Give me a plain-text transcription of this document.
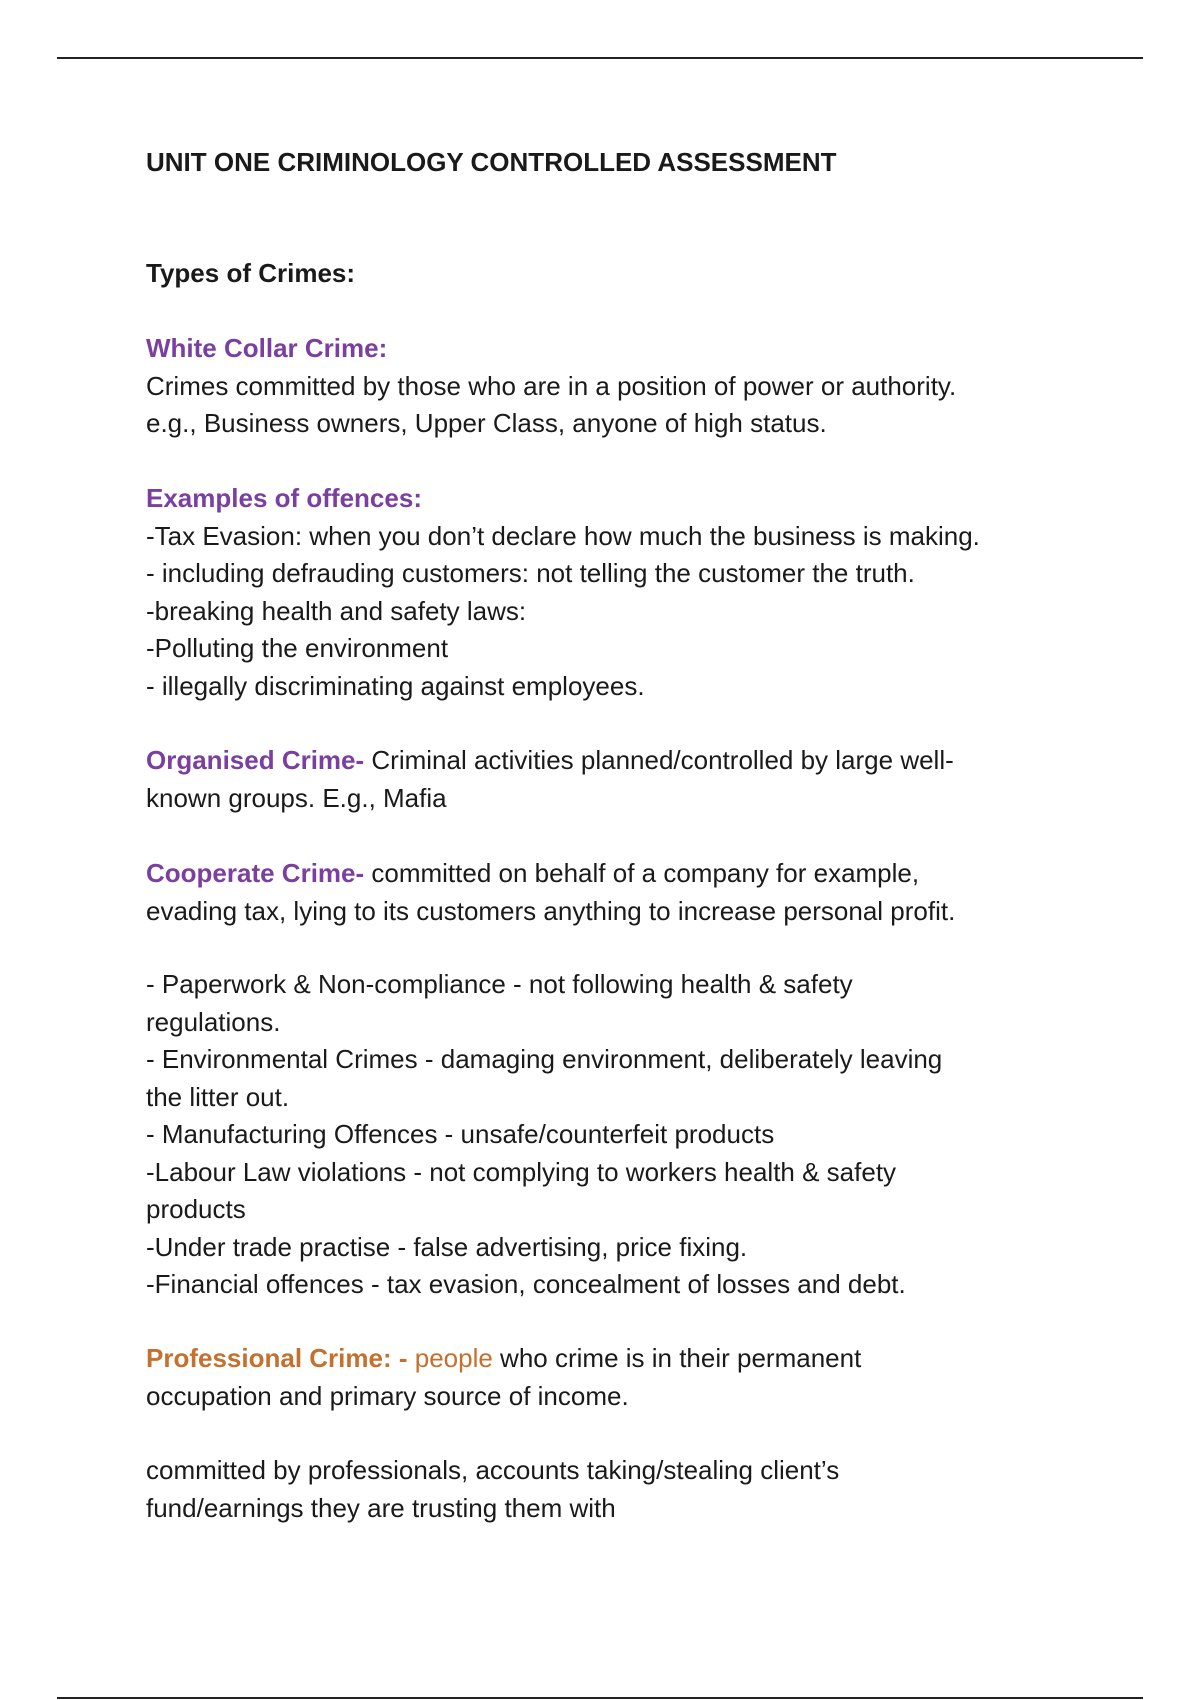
UNIT ONE CRIMINOLOGY CONTROLLED ASSESSMENT
Types of Crimes:
White Collar Crime:
Crimes committed by those who are in a position of power or authority.
e.g., Business owners, Upper Class, anyone of high status.
Examples of offences:
-Tax Evasion: when you don’t declare how much the business is making.
- including defrauding customers: not telling the customer the truth.
-breaking health and safety laws:
-Polluting the environment
- illegally discriminating against employees.
Organised Crime- Criminal activities planned/controlled by large well-
known groups. E.g., Mafia
Cooperate Crime- committed on behalf of a company for example,
evading tax, lying to its customers anything to increase personal profit.
- Paperwork & Non-compliance - not following health & safety
regulations.
- Environmental Crimes - damaging environment, deliberately leaving
the litter out.
- Manufacturing Offences - unsafe/counterfeit products
-Labour Law violations - not complying to workers health & safety
products
-Under trade practise - false advertising, price fixing.
-Financial offences - tax evasion, concealment of losses and debt.
Professional Crime: - people who crime is in their permanent
occupation and primary source of income.
committed by professionals, accounts taking/stealing client’s
fund/earnings they are trusting them with
